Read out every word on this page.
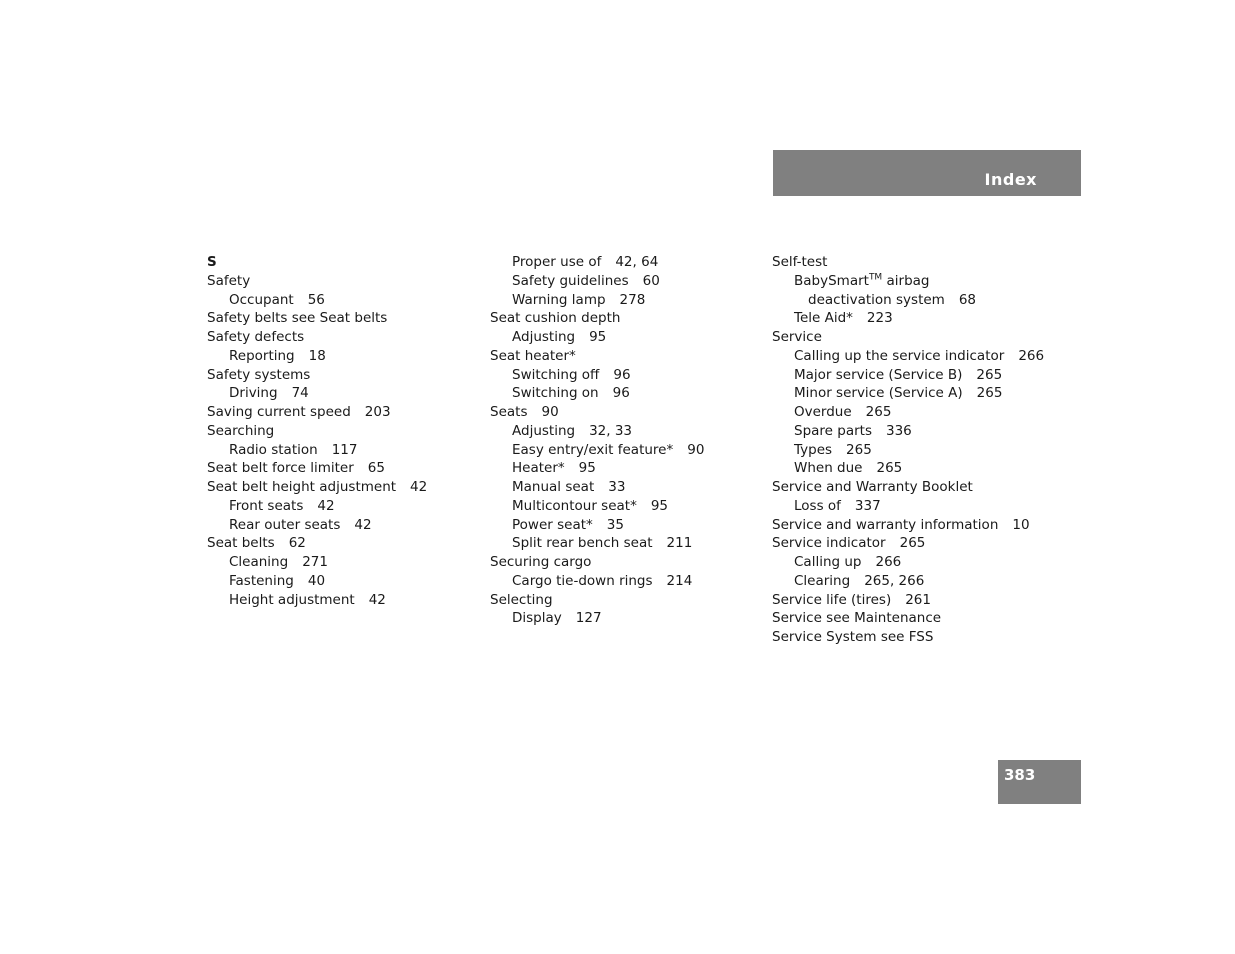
Index
S
Safety
Occupant 56
Safety belts see Seat belts
Safety defects
Reporting 18
Safety systems
Driving 74
Saving current speed 203
Searching
Radio station 117
Seat belt force limiter 65
Seat belt height adjustment 42
Front seats 42
Rear outer seats 42
Seat belts 62
Cleaning 271
Fastening 40
Height adjustment 42
Proper use of 42, 64
Safety guidelines 60
Warning lamp 278
Seat cushion depth
Adjusting 95
Seat heater*
Switching off 96
Switching on 96
Seats 90
Adjusting 32, 33
Easy entry/exit feature* 90
Heater* 95
Manual seat 33
Multicontour seat* 95
Power seat* 35
Split rear bench seat 211
Securing cargo
Cargo tie-down rings 214
Selecting
Display 127
Self-test
BabySmart™ airbag
deactivation system 68
Tele Aid* 223
Service
Calling up the service indicator 266
Major service (Service B) 265
Minor service (Service A) 265
Overdue 265
Spare parts 336
Types 265
When due 265
Service and Warranty Booklet
Loss of 337
Service and warranty information 10
Service indicator 265
Calling up 266
Clearing 265, 266
Service life (tires) 261
Service see Maintenance
Service System see FSS
383
